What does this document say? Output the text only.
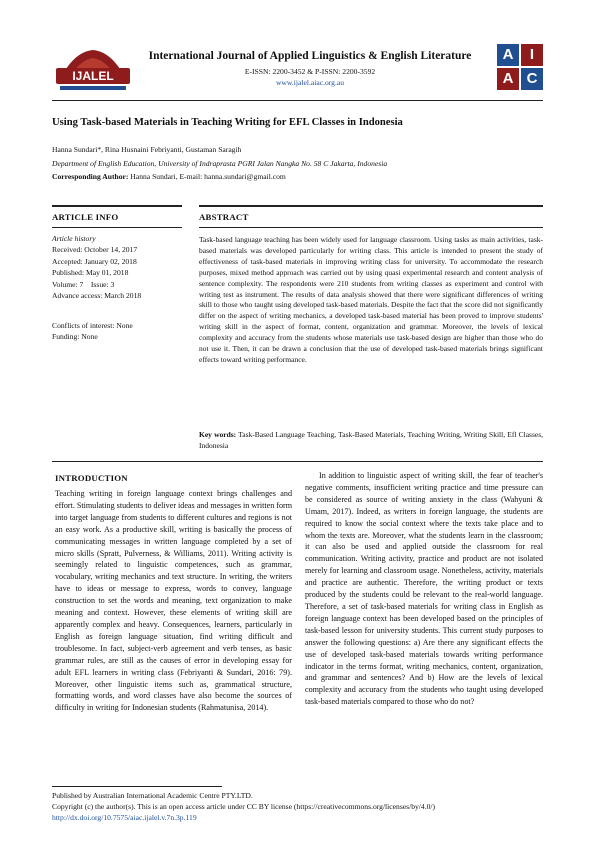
IJALEL
International Journal of Applied Linguistics & English Literature
E-ISSN: 2200-3452 & P-ISSN: 2200-3592
www.ijalel.aiac.org.au
A	I
A C
Using Task-based Materials in Teaching Writing for EFL Classes in Indonesia
Hanna Sundari*, Rina Husnaini Febriyanti, Gustaman Saragih
Department of English Education, University of Indraprasta PGRI Jalan Nangka No. 58 C Jakarta, Indonesia
Corresponding Author: Hanna Sundari, E-mail: hanna.sundari@gmail.com
ARTICLE INFO
Article history
Received: October 14, 2017
Accepted: January 02, 2018
Published: May 01, 2018
Volume: 7    Issue: 3
Advance access: March 2018
Conflicts of interest: None
Funding: None
ABSTRACT
Task-based language teaching has been widely used for language classroom. Using tasks as main activities, task-based materials was developed particularly for writing class. This article is intended to present the study of effectiveness of task-based materials in improving writing class for university. To accommodate the research purposes, mixed method approach was carried out by using quasi experimental research and content analysis of sentence complexity. The respondents were 210 students from writing classes as experiment and control with writing test as instrument. The results of data analysis showed that there were significant differences of writing skill to those who taught using developed task-based materials. Despite the fact that the score did not significantly differ on the aspect of writing mechanics, a developed task-based material has been proved to improve students' writing skill in the aspect of format, content, organization and grammar. Moreover, the levels of lexical complexity and accuracy from the students whose materials use task-based design are higher than those who do not use it. Then, it can be drawn a conclusion that the use of developed task-based materials brings significant effects toward writing performance.
Key words: Task-Based Language Teaching, Task-Based Materials, Teaching Writing, Writing Skill, Efl Classes, Indonesia
INTRODUCTION

Teaching writing in foreign language context brings challenges and effort. Stimulating students to deliver ideas and messages in written form into target language from students to different cultures and regions is not an easy work. As a productive skill, writing is basically the process of communicating messages in written language completed by a set of micro skills (Spratt, Pulverness, & Williams, 2011). Writing activity is seemingly related to linguistic competences, such as grammar, vocabulary, writing mechanics and text structure. In writing, the writers have to ideas or message to express, words to convey, language construction to set the words and meaning, text organization to make meaning and context. However, these elements of writing skill are apparently complex and heavy. Consequences, learners, particularly in English as foreign language situation, find writing difficult and troublesome. In fact, subject-verb agreement and verb tenses, as basic grammar rules, are still as the causes of error in developing essay for adult EFL learners in writing class (Febriyanti & Sundari, 2016: 79). Moreover, other linguistic items such as, grammatical structure, formatting words, and word classes have also become the sources of difficulty in writing for Indonesian students (Rahmatunisa, 2014).

In addition to linguistic aspect of writing skill, the fear of teacher's negative comments, insufficient writing practice and time pressure can be considered as source of writing anxiety in the class (Wahyuni & Umam, 2017). Indeed, as writers in foreign language, the students are required to know the social context where the texts take place and to whom the texts are. Moreover, what the students learn in the classroom; it can also be used and applied outside the classroom for real communication. Writing activity, practice and product are not isolated merely for learning and classroom usage. Nonetheless, activity, materials and practice are authentic. Therefore, the writing product or texts produced by the students could be relevant to the real-world language. Therefore, a set of task-based materials for writing class in English as foreign language context has been developed based on the principles of task-based lesson for university students. This current study purposes to answer the following questions: a) Are there any significant effects the use of developed task-based materials towards writing performance indicator in the terms format, writing mechanics, content, organization, and grammar and sentences? And b) How are the levels of lexical complexity and accuracy from the students who taught using developed task-based materials compared to those who do not?

Published by Australian International Academic Centre PTY.LTD.
Copyright (c) the author(s). This is an open access article under CC BY license (https://creativecommons.org/licenses/by/4.0/)
http://dx.doi.org/10.7575/aiac.ijalel.v.7n.3p.119
